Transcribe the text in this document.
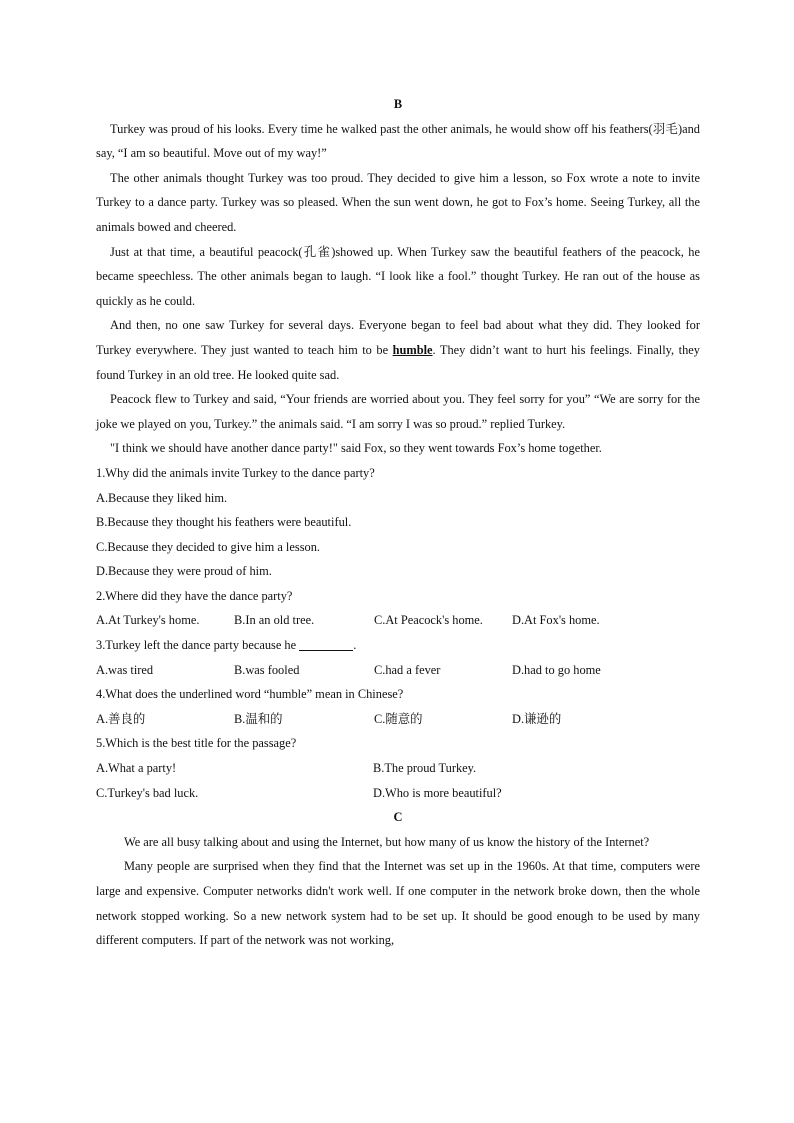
B

Turkey was proud of his looks. Every time he walked past the other animals, he would show off his feathers(羽毛)and say, “I am so beautiful. Move out of my way!”

The other animals thought Turkey was too proud. They decided to give him a lesson, so Fox wrote a note to invite Turkey to a dance party. Turkey was so pleased. When the sun went down, he got to Fox’s home. Seeing Turkey, all the animals bowed and cheered.

Just at that time, a beautiful peacock(孔雀)showed up. When Turkey saw the beautiful feathers of the peacock, he became speechless. The other animals began to laugh. “I look like a fool.” thought Turkey. He ran out of the house as quickly as he could.

And then, no one saw Turkey for several days. Everyone began to feel bad about what they did. They looked for Turkey everywhere. They just wanted to teach him to be humble. They didn’t want to hurt his feelings. Finally, they found Turkey in an old tree. He looked quite sad.

Peacock flew to Turkey and said, “Your friends are worried about you. They feel sorry for you” “We are sorry for the joke we played on you, Turkey.” the animals said. “I am sorry I was so proud.” replied Turkey.

"I think we should have another dance party!" said Fox, so they went towards Fox’s home together.

1.Why did the animals invite Turkey to the dance party?

A.Because they liked him.

B.Because they thought his feathers were beautiful.

C.Because they decided to give him a lesson.

D.Because they were proud of him.

2.Where did they have the dance party?

A.At Turkey's home.	B.In an old tree.	C.At Peacock's home.	D.At Fox's home.

3.Turkey left the dance party because he	.

A.was tired	B.was fooled	C.had a fever	D.had to go home

4.What does the underlined word “humble” mean in Chinese?

A.善良的	B.温和的	C.随意的	D.谦逊的

5.Which is the best title for the passage?

A.What a party!	B.The proud Turkey.
C.Turkey's bad luck.	D.Who is more beautiful?

C

We are all busy talking about and using the Internet, but how many of us know the history of the Internet?

Many people are surprised when they find that the Internet was set up in the 1960s. At that time, computers were large and expensive. Computer networks didn't work well. If one computer in the network broke down, then the whole network stopped working. So a new network system had to be set up. It should be good enough to be used by many different computers. If part of the network was not working,
